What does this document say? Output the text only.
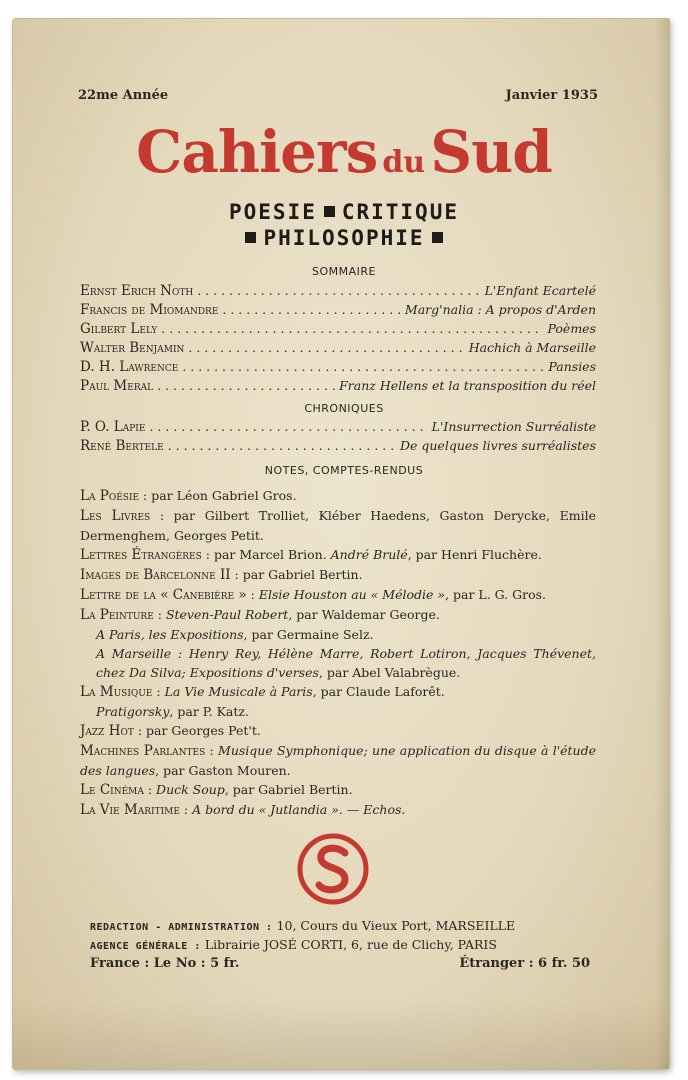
22me Année	Janvier 1935
Cahiers du Sud
POESIE CRITIQUE
PHILOSOPHIE
SOMMAIRE
Ernst Erich Noth . . .	L'Enfant Ecartelé
Francis de Miomandre . . .	Marg'nalia : A propos d'Arden
Gilbert Lely . . .	Poèmes
Walter Benjamin . . .	Hachich à Marseille
D. H. Lawrence . . .	Pansies
Paul Meral . . .	Franz Hellens et la transposition du réel
CHRONIQUES
P. O. Lapie . . .	L'Insurrection Surréaliste
René Bertele . . .	De quelques livres surréalistes
NOTES, COMPTES-RENDUS

La Poésie : par Léon Gabriel Gros.

Les Livres : par Gilbert Trolliet, Kléber Haedens, Gaston Derycke, Emile Dermenghem, Georges Petit.

Lettres Étrangères : par Marcel Brion. André Brulé, par Henri Fluchère.

Images de Barcelonne II : par Gabriel Bertin.

Lettre de la « Canebière » : Elsie Houston au « Mélodie », par L. G. Gros.

La Peinture : Steven-Paul Robert, par Waldemar George.
A Paris, les Expositions, par Germaine Selz.
A Marseille : Henry Rey, Hélène Marre, Robert Lotiron, Jacques Thévenet, chez Da Silva; Expositions d'verses, par Abel Valabrègue.

La Musique : La Vie Musicale à Paris, par Claude Laforêt.
Pratigorsky, par P. Katz.

Jazz Hot : par Georges Pet't.

Machines Parlantes : Musique Symphonique; une application du disque à l'étude des langues, par Gaston Mouren.

Le Cinéma : Duck Soup, par Gabriel Bertin.

La Vie Maritime : A bord du « Jutlandia ». — Echos.

REDACTION - ADMINISTRATION : 10, Cours du Vieux Port, MARSEILLE
AGENCE GÉNÉRALE : Librairie JOSÉ CORTI, 6, rue de Clichy, PARIS
France : Le No : 5 fr.	Étranger : 6 fr. 50
